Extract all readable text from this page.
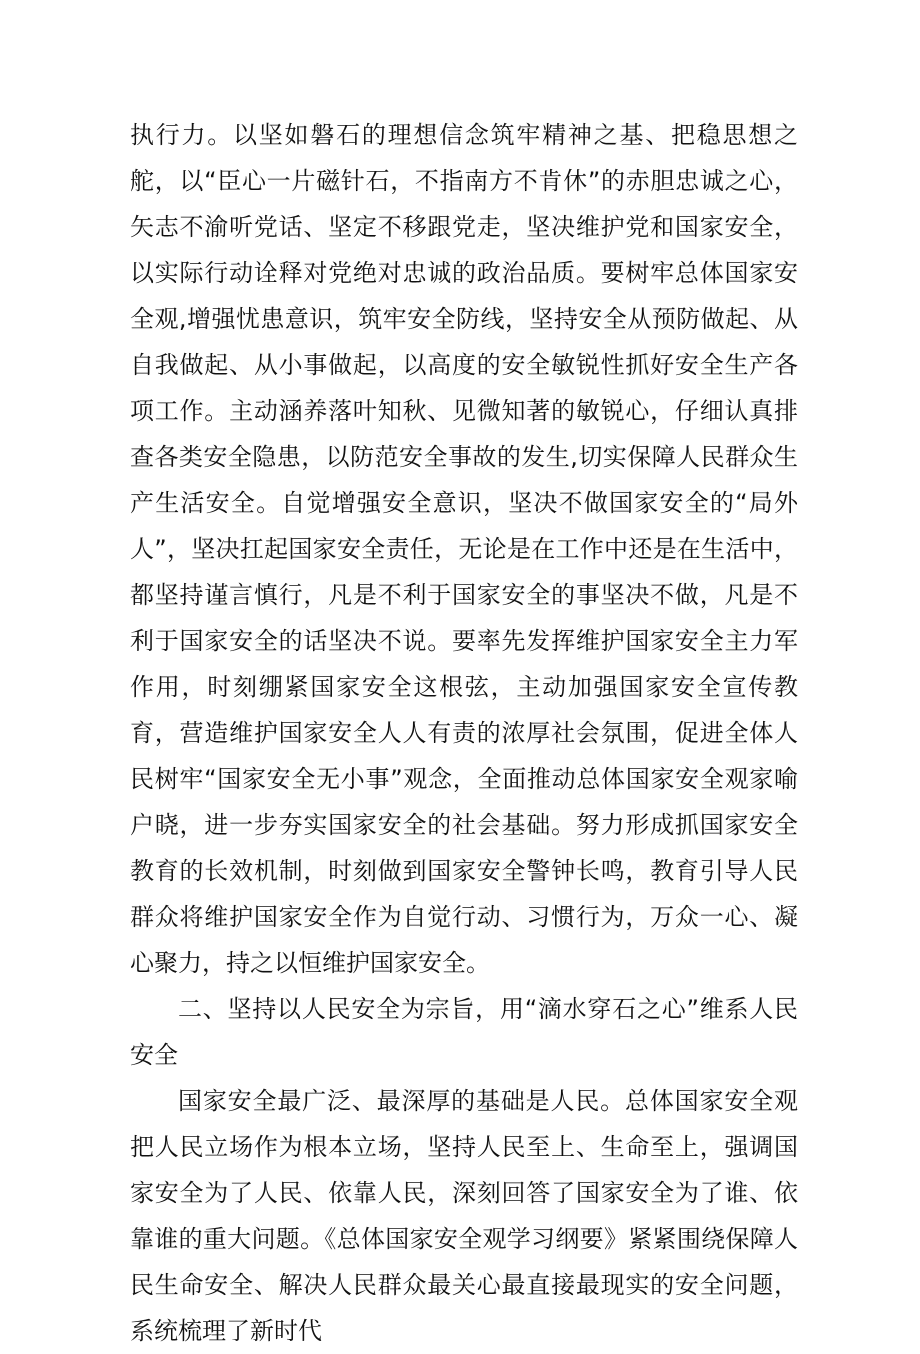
执行力。以坚如磐石的理想信念筑牢精神之基、把稳思想之舵，以“臣心一片磁针石，不指南方不肯休”的赤胆忠诚之心，矢志不渝听党话、坚定不移跟党走，坚决维护党和国家安全，以实际行动诠释对党绝对忠诚的政治品质。要树牢总体国家安全观,增强忧患意识，筑牢安全防线，坚持安全从预防做起、从自我做起、从小事做起，以高度的安全敏锐性抓好安全生产各项工作。主动涵养落叶知秋、见微知著的敏锐心，仔细认真排查各类安全隐患，以防范安全事故的发生,切实保障人民群众生产生活安全。自觉增强安全意识，坚决不做国家安全的“局外人”，坚决扛起国家安全责任，无论是在工作中还是在生活中，都坚持谨言慎行，凡是不利于国家安全的事坚决不做，凡是不利于国家安全的话坚决不说。要率先发挥维护国家安全主力军作用，时刻绷紧国家安全这根弦，主动加强国家安全宣传教育，营造维护国家安全人人有责的浓厚社会氛围，促进全体人民树牢“国家安全无小事”观念，全面推动总体国家安全观家喻户晓，进一步夯实国家安全的社会基础。努力形成抓国家安全教育的长效机制，时刻做到国家安全警钟长鸣，教育引导人民群众将维护国家安全作为自觉行动、习惯行为，万众一心、凝心聚力，持之以恒维护国家安全。

二、坚持以人民安全为宗旨，用“滴水穿石之心”维系人民安全

国家安全最广泛、最深厚的基础是人民。总体国家安全观把人民立场作为根本立场，坚持人民至上、生命至上，强调国家安全为了人民、依靠人民，深刻回答了国家安全为了谁、依靠谁的重大问题。《总体国家安全观学习纲要》紧紧围绕保障人民生命安全、解决人民群众最关心最直接最现实的安全问题，系统梳理了新时代
